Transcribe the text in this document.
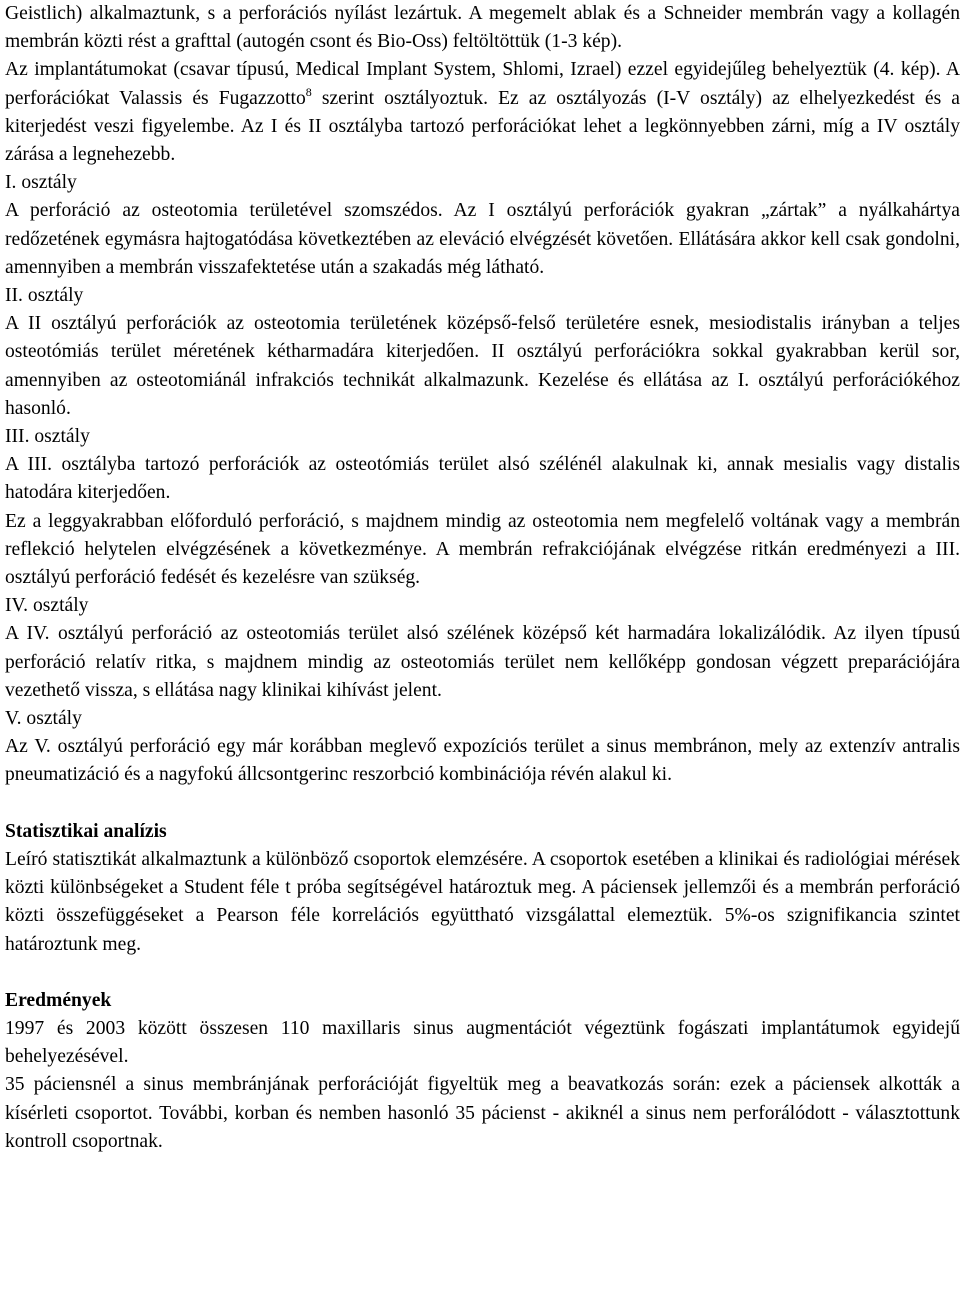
Geistlich) alkalmaztunk, s a perforációs nyílást lezártuk. A megemelt ablak és a Schneider membrán vagy a kollagén membrán közti rést a grafttal (autogén csont és Bio-Oss) feltöltöttük (1-3 kép).

Az implantátumokat (csavar típusú, Medical Implant System, Shlomi, Izrael) ezzel egyidejűleg behelyeztük (4. kép). A perforációkat Valassis és Fugazzotto$^8$ szerint osztályoztuk. Ez az osztályozás (I-V osztály) az elhelyezkedést és a kiterjedést veszi figyelembe. Az I és II osztályba tartozó perforációkat lehet a legkönnyebben zárni, míg a IV osztály zárása a legnehezebb.

I. osztály

A perforáció az osteotomia területével szomszédos. Az I osztályú perforációk gyakran „zártak” a nyálkahártya redőzetének egymásra hajtogatódása következtében az eleváció elvégzését követően. Ellátására akkor kell csak gondolni, amennyiben a membrán visszafektetése után a szakadás még látható.

II. osztály

A II osztályú perforációk az osteotomia területének középső-felső területére esnek, mesiodistalis irányban a teljes osteotómiás terület méretének kétharmadára kiterjedően. II osztályú perforációkra sokkal gyakrabban kerül sor, amennyiben az osteotomiánál infrakciós technikát alkalmazunk. Kezelése és ellátása az I. osztályú perforációkéhoz hasonló.

III. osztály

A III. osztályba tartozó perforációk az osteotómiás terület alsó szélénél alakulnak ki, annak mesialis vagy distalis hatodára kiterjedően.

Ez a leggyakrabban előforduló perforáció, s majdnem mindig az osteotomia nem megfelelő voltának vagy a membrán reflekció helytelen elvégzésének a következménye. A membrán refrakciójának elvégzése ritkán eredményezi a III. osztályú perforáció fedését és kezelésre van szükség.

IV. osztály

A IV. osztályú perforáció az osteotomiás terület alsó szélének középső két harmadára lokalizálódik. Az ilyen típusú perforáció relatív ritka, s majdnem mindig az osteotomiás terület nem kellőképp gondosan végzett preparációjára vezethető vissza, s ellátása nagy klinikai kihívást jelent.

V. osztály

Az V. osztályú perforáció egy már korábban meglevő expozíciós terület a sinus membránon, mely az extenzív antralis pneumatizáció és a nagyfokú állcsontgerinc reszorbció kombinációja révén alakul ki.

Statisztikai analízis

Leíró statisztikát alkalmaztunk a különböző csoportok elemzésére. A csoportok esetében a klinikai és radiológiai mérések közti különbségeket a Student féle t próba segítségével határoztuk meg. A páciensek jellemzői és a membrán perforáció közti összefüggéseket a Pearson féle korrelációs együttható vizsgálattal elemeztük. 5%-os szignifikancia szintet határoztunk meg.

Eredmények

1997 és 2003 között összesen 110 maxillaris sinus augmentációt végeztünk fogászati implantátumok egyidejű behelyezésével.

35 páciensnél a sinus membránjának perforációját figyeltük meg a beavatkozás során: ezek a páciensek alkották a kísérleti csoportot. További, korban és nemben hasonló 35 pácienst - akiknél a sinus nem perforálódott - választottunk kontroll csoportnak.
